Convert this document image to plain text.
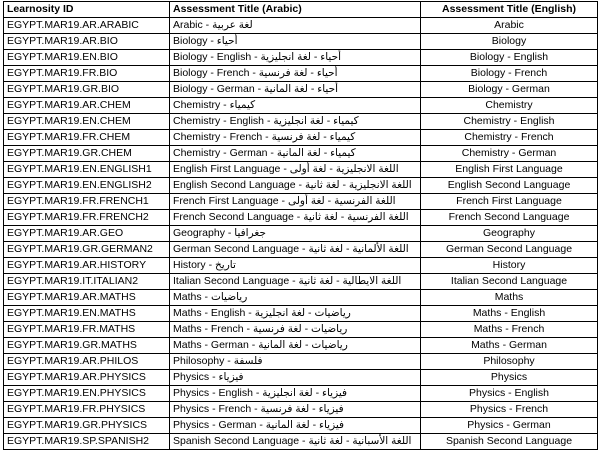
Learnosity ID	Assessment Title (Arabic)	Assessment Title (English)
EGYPT.MAR19.AR.ARABIC	Arabic - لغة عربية	Arabic
EGYPT.MAR19.AR.BIO	Biology - أحياء	Biology
EGYPT.MAR19.EN.BIO	Biology - English - أحياء - لغة انجليزية	Biology - English
EGYPT.MAR19.FR.BIO	Biology - French - أحياء - لغة فرنسية	Biology - French
EGYPT.MAR19.GR.BIO	Biology - German - أحياء - لغة المانية	Biology - German
EGYPT.MAR19.AR.CHEM	Chemistry - كيمياء	Chemistry
EGYPT.MAR19.EN.CHEM	Chemistry - English - كيمياء - لغة انجليزية	Chemistry - English
EGYPT.MAR19.FR.CHEM	Chemistry - French - كيمياء - لغة فرنسية	Chemistry - French
EGYPT.MAR19.GR.CHEM	Chemistry - German - كيمياء - لغة المانية	Chemistry - German
EGYPT.MAR19.EN.ENGLISH1	English First Language - اللغة الانجليزية - لغة أولى	English First Language
EGYPT.MAR19.EN.ENGLISH2	English Second Language - اللغة الانجليزية - لغة ثانية	English Second Language
EGYPT.MAR19.FR.FRENCH1	French First Language - اللغة الفرنسية - لغة أولى	French First Language
EGYPT.MAR19.FR.FRENCH2	French Second Language - اللغة الفرنسية - لغة ثانية	French Second Language
EGYPT.MAR19.AR.GEO	Geography - جغرافيا	Geography
EGYPT.MAR19.GR.GERMAN2	German Second Language - اللغة الألمانية - لغة ثانية	German Second Language
EGYPT.MAR19.AR.HISTORY	History - تاريخ	History
EGYPT.MAR19.IT.ITALIAN2	Italian Second Language - اللغة الايطالية - لغة ثانية	Italian Second Language
EGYPT.MAR19.AR.MATHS	Maths - رياضيات	Maths
EGYPT.MAR19.EN.MATHS	Maths - English - رياضيات - لغة انجليزية	Maths - English
EGYPT.MAR19.FR.MATHS	Maths - French - رياضيات - لغة فرنسية	Maths - French
EGYPT.MAR19.GR.MATHS	Maths - German - رياضيات - لغة المانية	Maths - German
EGYPT.MAR19.AR.PHILOS	Philosophy - فلسفة	Philosophy
EGYPT.MAR19.AR.PHYSICS	Physics - فيزياء	Physics
EGYPT.MAR19.EN.PHYSICS	Physics - English - فيزياء - لغة انجليزية	Physics - English
EGYPT.MAR19.FR.PHYSICS	Physics - French - فيزياء - لغة فرنسية	Physics - French
EGYPT.MAR19.GR.PHYSICS	Physics - German - فيزياء - لغة المانية	Physics - German
EGYPT.MAR19.SP.SPANISH2	Spanish Second Language - اللغة الأسبانية - لغة ثانية	Spanish Second Language
